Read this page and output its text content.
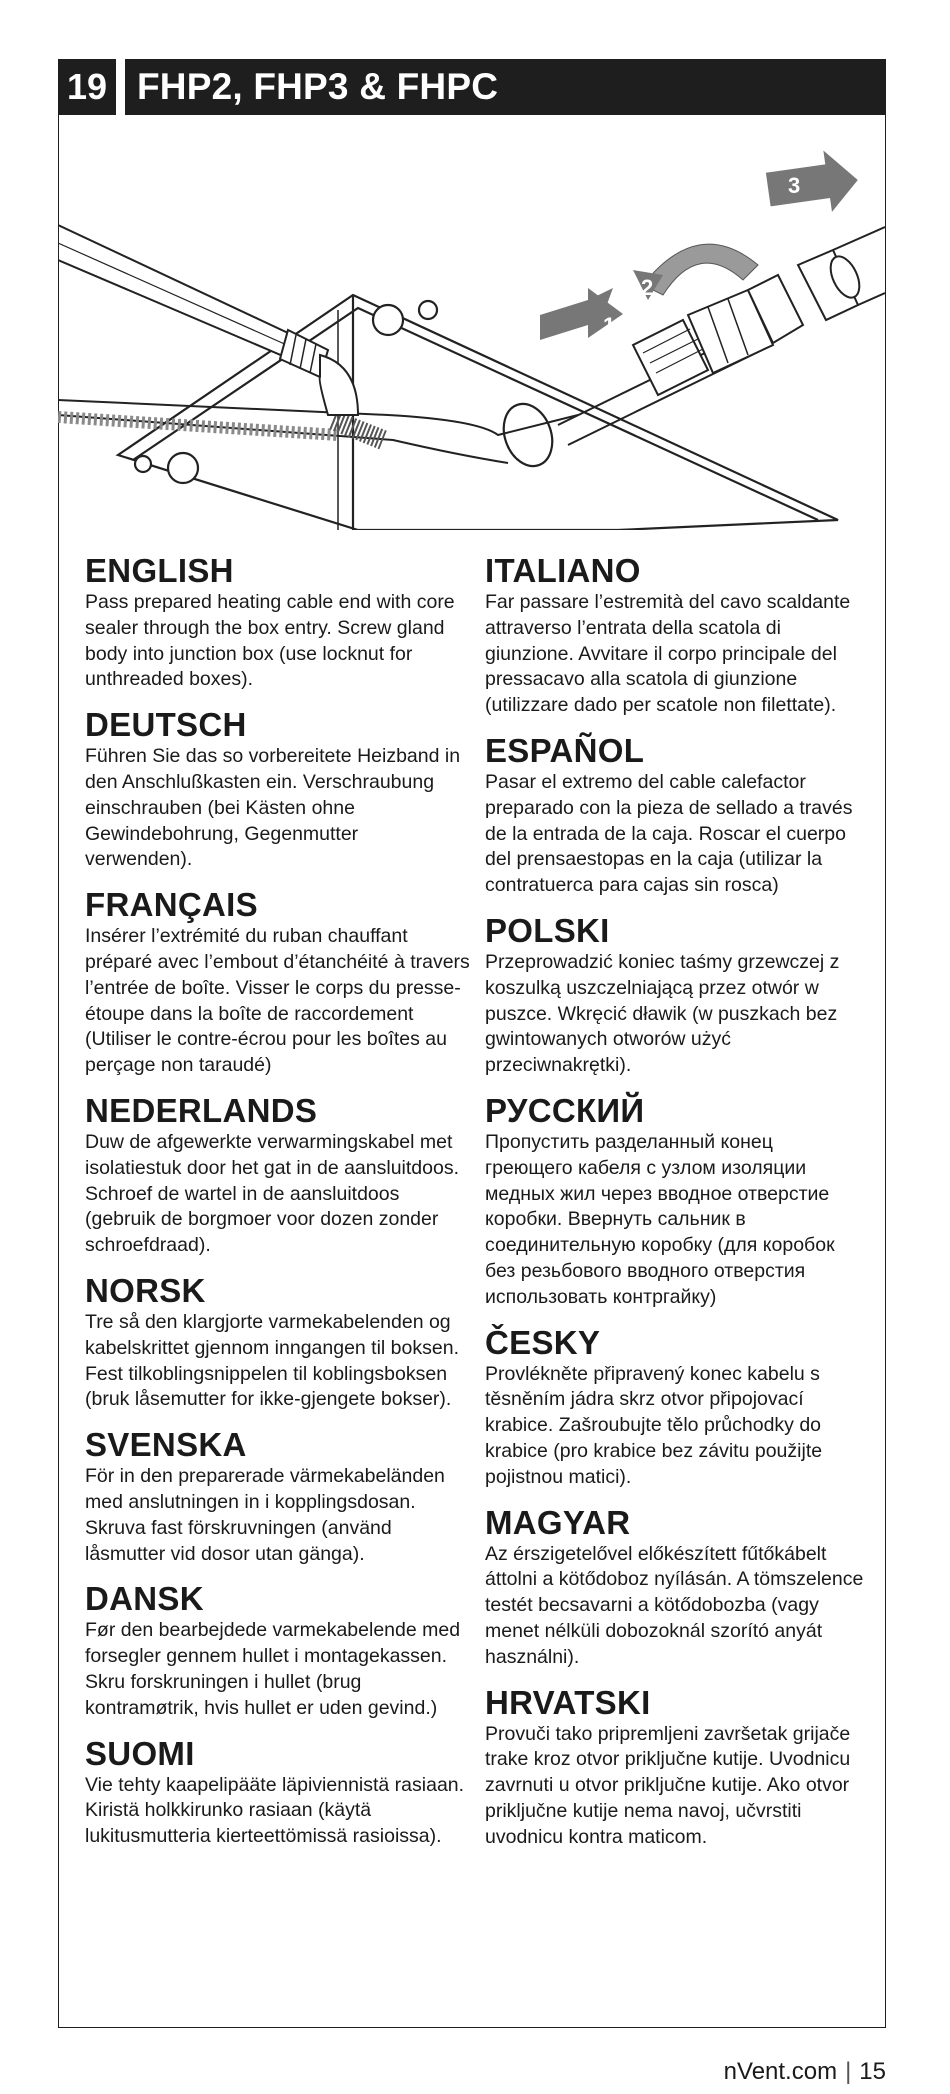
19 FHP2, FHP3 & FHPC
1
2
3
ENGLISH

Pass prepared heating cable end with core sealer through the box entry. Screw gland body into junction box (use locknut for unthreaded boxes).

DEUTSCH

Führen Sie das so vorbereitete Heizband in den Anschlußkasten ein. Verschraubung einschrauben (bei Kästen ohne Gewindebohrung, Gegenmutter verwenden).

FRANÇAIS

Insérer l’extrémité du ruban chauffant préparé avec l’embout d’étanchéité à travers l’entrée de boîte. Visser le corps du presse-étoupe dans la boîte de raccordement (Utiliser le contre-écrou pour les boîtes au perçage non taraudé)

NEDERLANDS

Duw de afgewerkte verwarmingskabel met isolatiestuk door het gat in de aansluitdoos. Schroef de wartel in de aansluitdoos (gebruik de borgmoer voor dozen zonder schroefdraad).

NORSK

Tre så den klargjorte varmekabelenden og kabelskrittet gjennom inngangen til boksen. Fest tilkoblingsnippelen til koblingsboksen (bruk låsemutter for ikke-gjengete bokser).

SVENSKA

För in den preparerade värmekabeländen med anslutningen in i kopplingsdosan. Skruva fast förskruvningen (använd låsmutter vid dosor utan gänga).

DANSK

Før den bearbejdede varmekabelende med forsegler gennem hullet i montagekassen. Skru forskruningen i hullet (brug kontramøtrik, hvis hullet er uden gevind.)

SUOMI

Vie tehty kaapelipääte läpiviennistä rasiaan. Kiristä holkkirunko rasiaan (käytä lukitusmutteria kierteettömissä rasioissa).

ITALIANO

Far passare l’estremità del cavo scaldante attraverso l’entrata della scatola di giunzione. Avvitare il corpo principale del pressacavo alla scatola di giunzione (utilizzare dado per scatole non filettate).

ESPAÑOL

Pasar el extremo del cable calefactor preparado con la pieza de sellado a través de la entrada de la caja. Roscar el cuerpo del prensaestopas en la caja (utilizar la contratuerca para cajas sin rosca)

POLSKI

Przeprowadzić koniec taśmy grzewczej z koszulką uszczelniającą przez otwór w puszce. Wkręcić dławik (w puszkach bez gwintowanych otworów użyć przeciwnakrętki).

РУССКИЙ

Пропустить разделанный конец греющего кабеля с узлом изоляции медных жил через вводное отверстие коробки. Ввернуть сальник в соединительную коробку (для коробок без резьбового вводного отверстия использовать контргайку)

ČESKY

Provlékněte připravený konec kabelu s těsněním jádra skrz otvor připojovací krabice. Zašroubujte tělo průchodky do krabice (pro krabice bez závitu použijte pojistnou matici).

MAGYAR

Az érszigetelővel előkészített fűtőkábelt áttolni a kötődoboz nyílásán. A tömszelence testét becsavarni a kötődobozba (vagy menet nélküli dobozoknál szorító anyát használni).

HRVATSKI

Provuči tako pripremljeni završetak grijače trake kroz otvor priključne kutije. Uvodnicu zavrnuti u otvor priključne kutije. Ako otvor priključne kutije nema navoj, učvrstiti uvodnicu kontra maticom.

nVent.com | 15
